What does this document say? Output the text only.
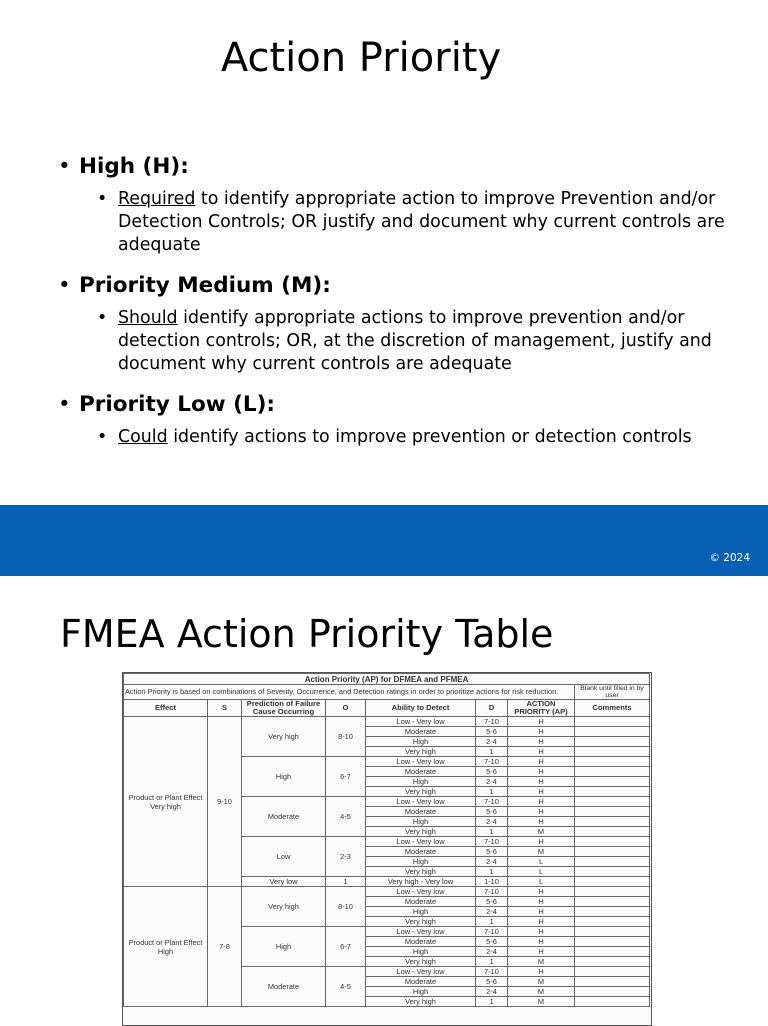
Action Priority
• High (H):
• Required to identify appropriate action to improve Prevention and/or Detection Controls; OR justify and document why current controls are adequate
• Priority Medium (M):
• Should identify appropriate actions to improve prevention and/or detection controls; OR, at the discretion of management, justify and document why current controls are adequate
• Priority Low (L):
• Could identify actions to improve prevention or detection controls
© 2024
FMEA Action Priority Table
Action Priority (AP) for DFMEA and PFMEA							
Action Priority is based on combinations of Severity, Occurrence, and Detection ratings in order to prioritize actions for risk reduction.							Blank until filled in by user
Effect	S	Prediction of Failure Cause Occurring	O	Ability to Detect	D	ACTION PRIORITY (AP)	Comments
Product or Plant Effect Very high	9-10	Very high	8-10	Low - Very low	7-10	H	
				Moderate	5-6	H	
				High	2-4	H	
				Very high	1	H	
		High	6-7	Low - Very low	7-10	H	
				Moderate	5-6	H	
				High	2-4	H	
				Very high	1	H	
		Moderate	4-5	Low - Very low	7-10	H	
				Moderate	5-6	H	
				High	2-4	H	
				Very high	1	M	
		Low	2-3	Low - Very low	7-10	H	
				Moderate	5-6	M	
				High	2-4	L	
				Very high	1	L	
		Very low	1	Very high - Very low	1-10	L	
Product or Plant Effect High	7-8	Very high	8-10	Low - Very low	7-10	H	
				Moderate	5-6	H	
				High	2-4	H	
				Very high	1	H	
		High	6-7	Low - Very low	7-10	H	
				Moderate	5-6	H	
				High	2-4	H	
				Very high	1	M	
		Moderate	4-5	Low - Very low	7-10	H	
				Moderate	5-6	M	
				High	2-4	M	
				Very high	1	M	
